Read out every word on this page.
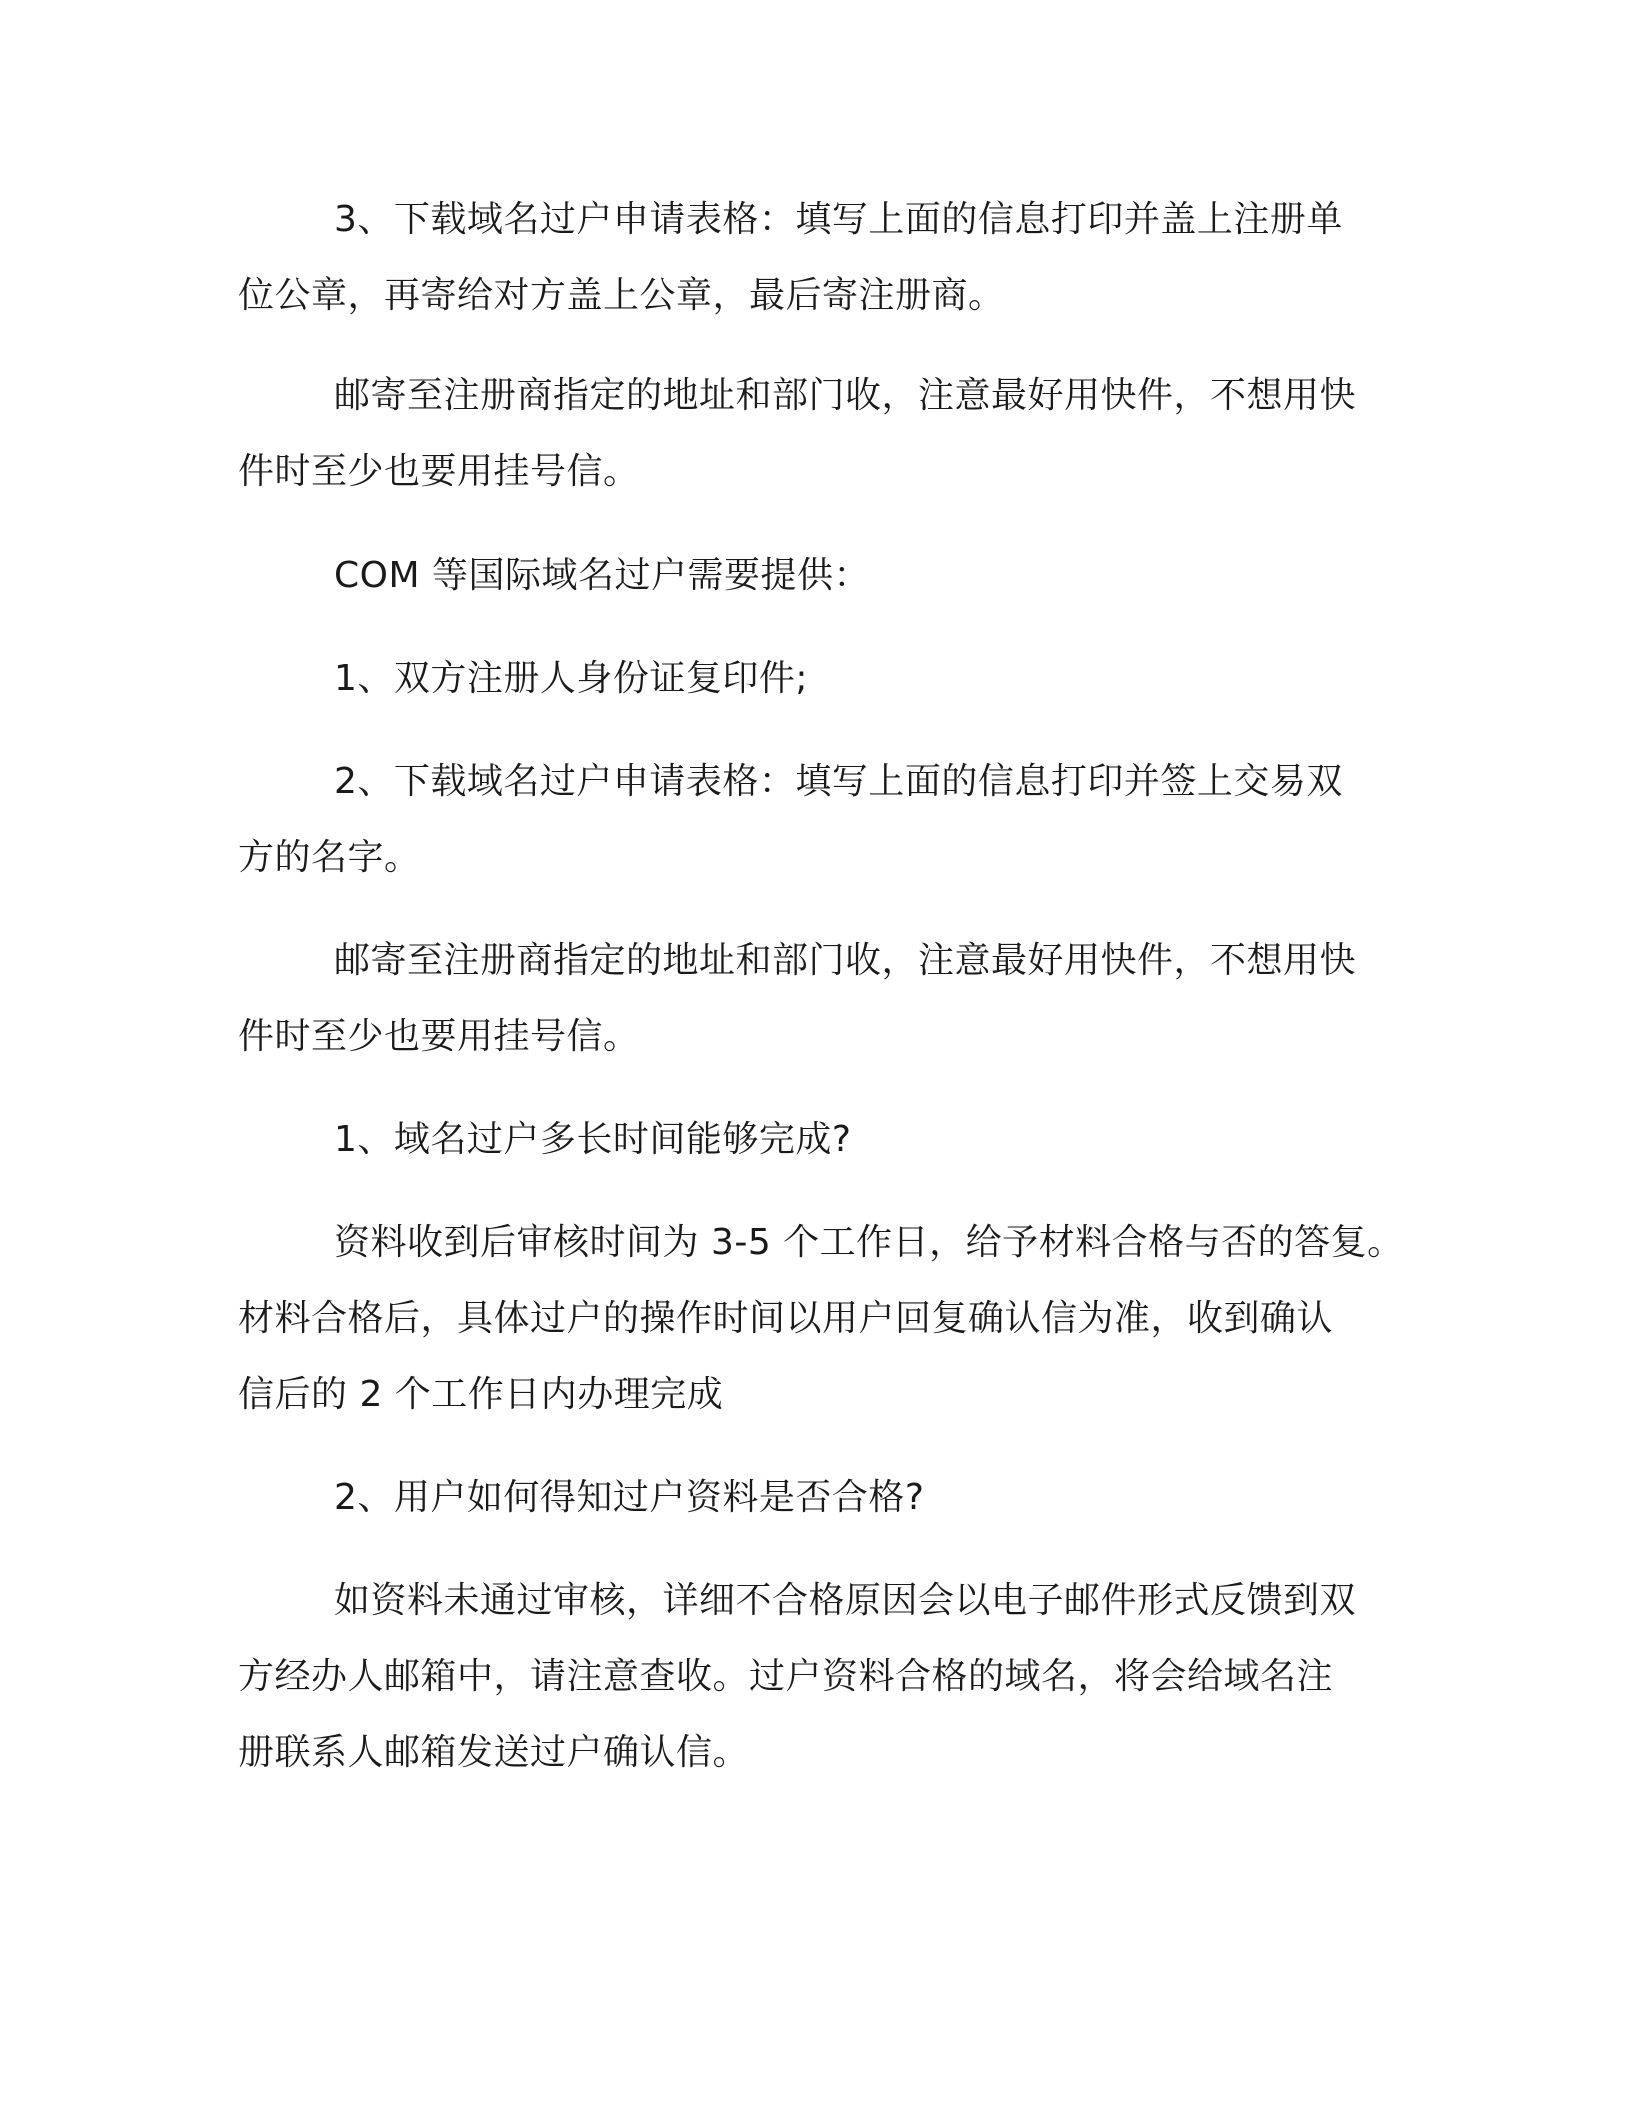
3、下载域名过户申请表格：填写上面的信息打印并盖上注册单

位公章，再寄给对方盖上公章，最后寄注册商。

邮寄至注册商指定的地址和部门收，注意最好用快件，不想用快

件时至少也要用挂号信。

COM 等国际域名过户需要提供：

1、双方注册人身份证复印件;

2、下载域名过户申请表格：填写上面的信息打印并签上交易双

方的名字。

邮寄至注册商指定的地址和部门收，注意最好用快件，不想用快

件时至少也要用挂号信。

1、域名过户多长时间能够完成?

资料收到后审核时间为 3-5 个工作日，给予材料合格与否的答复。

材料合格后，具体过户的操作时间以用户回复确认信为准，收到确认

信后的 2 个工作日内办理完成

2、用户如何得知过户资料是否合格?

如资料未通过审核，详细不合格原因会以电子邮件形式反馈到双

方经办人邮箱中，请注意查收。过户资料合格的域名，将会给域名注

册联系人邮箱发送过户确认信。
